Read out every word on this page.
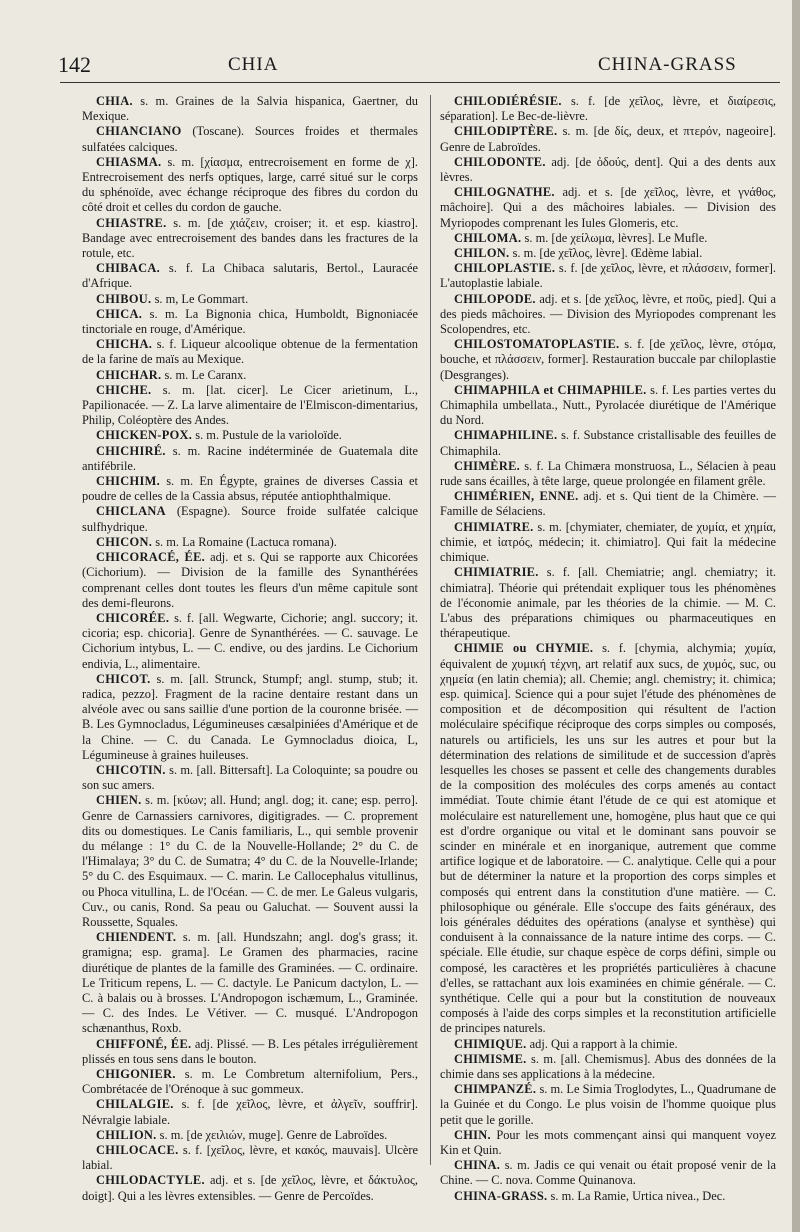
142	CHIA	CHINA-GRASS

CHIA. s. m. Graines de la Salvia hispanica, Gaertner, du Mexique.

CHIANCIANO (Toscane). Sources froides et thermales sulfatées calciques.

CHIASMA. s. m. [χίασμα, entrecroisement en forme de χ]. Entrecroisement des nerfs optiques, large, carré situé sur le corps du sphénoïde, avec échange réciproque des fibres du cordon du côté droit et celles du cordon de gauche.

CHIASTRE. s. m. [de χιάζειν, croiser; it. et esp. kiastro]. Bandage avec entrecroisement des bandes dans les fractures de la rotule, etc.

CHIBACA. s. f. La Chibaca salutaris, Bertol., Lauracée d'Afrique.

CHIBOU. s. m, Le Gommart.

CHICA. s. m. La Bignonia chica, Humboldt, Bignoniacée tinctoriale en rouge, d'Amérique.

CHICHA. s. f. Liqueur alcoolique obtenue de la fermentation de la farine de maïs au Mexique.

CHICHAR. s. m. Le Caranx.

CHICHE. s. m. [lat. cicer]. Le Cicer arietinum, L., Papilionacée. — Z. La larve alimentaire de l'Elmiscon-dimentarius, Philip, Coléoptère des Andes.

CHICKEN-POX. s. m. Pustule de la varioloïde.

CHICHIRÉ. s. m. Racine indéterminée de Guatemala dite antifébrile.

CHICHIM. s. m. En Égypte, graines de diverses Cassia et poudre de celles de la Cassia absus, réputée antiophthalmique.

CHICLANA (Espagne). Source froide sulfatée calcique sulfhydrique.

CHICON. s. m. La Romaine (Lactuca romana).

CHICORACÉ, ÉE. adj. et s. Qui se rapporte aux Chicorées (Cichorium). — Division de la famille des Synanthérées comprenant celles dont toutes les fleurs d'un même capitule sont des demi-fleurons.

CHICORÉE. s. f. [all. Wegwarte, Cichorie; angl. succory; it. cicoria; esp. chicoria]. Genre de Synanthérées. — C. sauvage. Le Cichorium intybus, L. — C. endive, ou des jardins. Le Cichorium endivia, L., alimentaire.

CHICOT. s. m. [all. Strunck, Stumpf; angl. stump, stub; it. radica, pezzo]. Fragment de la racine dentaire restant dans un alvéole avec ou sans saillie d'une portion de la couronne brisée. — B. Les Gymnocladus, Légumineuses cæsalpiniées d'Amérique et de la Chine. — C. du Canada. Le Gymnocladus dioica, L, Légumineuse à graines huileuses.

CHICOTIN. s. m. [all. Bittersaft]. La Coloquinte; sa poudre ou son suc amers.

CHIEN. s. m. [κύων; all. Hund; angl. dog; it. cane; esp. perro]. Genre de Carnassiers carnivores, digitigrades. — C. proprement dits ou domestiques. Le Canis familiaris, L., qui semble provenir du mélange : 1° du C. de la Nouvelle-Hollande; 2° du C. de l'Himalaya; 3° du C. de Sumatra; 4° du C. de la Nouvelle-Irlande; 5° du C. des Esquimaux. — C. marin. Le Callocephalus vitullinus, ou Phoca vitullina, L. de l'Océan. — C. de mer. Le Galeus vulgaris, Cuv., ou canis, Rond. Sa peau ou Galuchat. — Souvent aussi la Roussette, Squales.

CHIENDENT. s. m. [all. Hundszahn; angl. dog's grass; it. gramigna; esp. grama]. Le Gramen des pharmacies, racine diurétique de plantes de la famille des Graminées. — C. ordinaire. Le Triticum repens, L. — C. dactyle. Le Panicum dactylon, L. — C. à balais ou à brosses. L'Andropogon ischæmum, L., Graminée. — C. des Indes. Le Vétiver. — C. musqué. L'Andropogon schænanthus, Roxb.

CHIFFONÉ, ÉE. adj. Plissé. — B. Les pétales irrégulièrement plissés en tous sens dans le bouton.

CHIGONIER. s. m. Le Combretum alternifolium, Pers., Combrétacée de l'Orénoque à suc gommeux.

CHILALGIE. s. f. [de χεῖλος, lèvre, et ἀλγεῖν, souffrir]. Névralgie labiale.

CHILION. s. m. [de χειλιών, muge]. Genre de Labroïdes.

CHILOCACE. s. f. [χεῖλος, lèvre, et κακός, mauvais]. Ulcère labial.

CHILODACTYLE. adj. et s. [de χεῖλος, lèvre, et δάκτυλος, doigt]. Qui a les lèvres extensibles. — Genre de Percoïdes.

CHILODIÉRÉSIE. s. f. [de χεῖλος, lèvre, et διαίρεσις, séparation]. Le Bec-de-lièvre.

CHILODIPTÈRE. s. m. [de δίς, deux, et πτερόν, nageoire]. Genre de Labroïdes.

CHILODONTE. adj. [de ὀδούς, dent]. Qui a des dents aux lèvres.

CHILOGNATHE. adj. et s. [de χεῖλος, lèvre, et γνάθος, mâchoire]. Qui a des mâchoires labiales. — Division des Myriopodes comprenant les Iules Glomeris, etc.

CHILOMA. s. m. [de χείλωμα, lèvres]. Le Mufle.

CHILON. s. m. [de χεῖλος, lèvre]. Œdème labial.

CHILOPLASTIE. s. f. [de χεῖλος, lèvre, et πλάσσειν, former]. L'autoplastie labiale.

CHILOPODE. adj. et s. [de χεῖλος, lèvre, et ποῦς, pied]. Qui a des pieds mâchoires. — Division des Myriopodes comprenant les Scolopendres, etc.

CHILOSTOMATOPLASTIE. s. f. [de χεῖλος, lèvre, στόμα, bouche, et πλάσσειν, former]. Restauration buccale par chiloplastie (Desgranges).

CHIMAPHILA et CHIMAPHILE. s. f. Les parties vertes du Chimaphila umbellata., Nutt., Pyrolacée diurétique de l'Amérique du Nord.

CHIMAPHILINE. s. f. Substance cristallisable des feuilles de Chimaphila.

CHIMÈRE. s. f. La Chimæra monstruosa, L., Sélacien à peau rude sans écailles, à tête large, queue prolongée en filament grêle.

CHIMÉRIEN, ENNE. adj. et s. Qui tient de la Chimère. — Famille de Sélaciens.

CHIMIATRE. s. m. [chymiater, chemiater, de χυμία, et χημία, chimie, et ἰατρός, médecin; it. chimiatro]. Qui fait la médecine chimique.

CHIMIATRIE. s. f. [all. Chemiatrie; angl. chemiatry; it. chimiatra]. Théorie qui prétendait expliquer tous les phénomènes de l'économie animale, par les théories de la chimie. — M. C. L'abus des préparations chimiques ou pharmaceutiques en thérapeutique.

CHIMIE ou CHYMIE. s. f. [chymia, alchymia; χυμία, équivalent de χυμική τέχνη, art relatif aux sucs, de χυμός, suc, ou χημεία (en latin chemia); all. Chemie; angl. chemistry; it. chimica; esp. quimica]. Science qui a pour sujet l'étude des phénomènes de composition et de décomposition qui résultent de l'action moléculaire spécifique réciproque des corps simples ou composés, naturels ou artificiels, les uns sur les autres et pour but la détermination des relations de similitude et de succession d'après lesquelles les choses se passent et celle des changements durables de la composition des molécules des corps amenés au contact immédiat. Toute chimie étant l'étude de ce qui est atomique et moléculaire est naturellement une, homogène, plus haut que ce qui est d'ordre organique ou vital et le dominant sans pouvoir se scinder en minérale et en inorganique, autrement que comme artifice logique et de laboratoire. — C. analytique. Celle qui a pour but de déterminer la nature et la proportion des corps simples et composés qui entrent dans la constitution d'une matière. — C. philosophique ou générale. Elle s'occupe des faits généraux, des lois générales déduites des opérations (analyse et synthèse) qui conduisent à la connaissance de la nature intime des corps. — C. spéciale. Elle étudie, sur chaque espèce de corps défini, simple ou composé, les caractères et les propriétés particulières à chacune d'elles, se rattachant aux lois examinées en chimie générale. — C. synthétique. Celle qui a pour but la constitution de nouveaux composés à l'aide des corps simples et la reconstitution artificielle de principes naturels.

CHIMIQUE. adj. Qui a rapport à la chimie.

CHIMISME. s. m. [all. Chemismus]. Abus des données de la chimie dans ses applications à la médecine.

CHIMPANZÉ. s. m. Le Simia Troglodytes, L., Quadrumane de la Guinée et du Congo. Le plus voisin de l'homme quoique plus petit que le gorille.

CHIN. Pour les mots commençant ainsi qui manquent voyez Kin et Quin.

CHINA. s. m. Jadis ce qui venait ou était proposé venir de la Chine. — C. nova. Comme Quinanova.

CHINA-GRASS. s. m. La Ramie, Urtica nivea., Dec.
